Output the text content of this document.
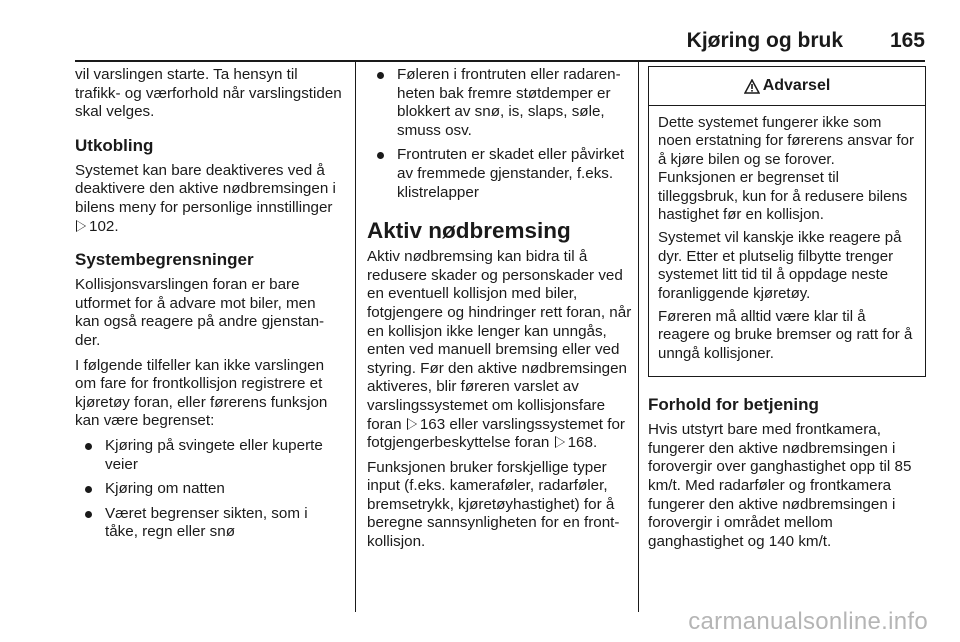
Kjøring og bruk 165

vil varslingen starte. Ta hensyn til trafikk- og værforhold når varslingstiden skal velges.

Utkobling

Systemet kan bare deaktiveres ved å deaktivere den aktive nødbremsingen i bilens meny for personlige innstillinger 102.

Systembegrensninger

Kollisjonsvarslingen foran er bare utformet for å advare mot biler, men kan også reagere på andre gjenstander.

I følgende tilfeller kan ikke varslingen om fare for frontkollisjon registrere et kjøretøy foran, eller førerens funksjon kan være begrenset:

Kjøring på svingete eller kuperte veier
Kjøring om natten
Været begrenser sikten, som i tåke, regn eller snø
Føleren i frontruten eller radarenheten bak fremre støtdemper er blokkert av snø, is, slaps, søle, smuss osv.
Frontruten er skadet eller påvirket av fremmede gjenstander, f.eks. klistrelapper
Aktiv nødbremsing

Aktiv nødbremsing kan bidra til å redusere skader og personskader ved en eventuell kollisjon med biler, fotgjengere og hindringer rett foran, når en kollisjon ikke lenger kan unngås, enten ved manuell bremsing eller ved styring. Før den aktive nødbremsingen aktiveres, blir føreren varslet av varslingssystemet om kollisjonsfare foran 163 eller varslingssystemet for fotgjengerbeskyttelse foran 168.

Funksjonen bruker forskjellige typer input (f.eks. kameraføler, radarføler, bremsetrykk, kjøretøyhastighet) for å beregne sannsynligheten for en frontkollisjon.

Advarsel

Dette systemet fungerer ikke som noen erstatning for førerens ansvar for å kjøre bilen og se forover. Funksjonen er begrenset til tilleggsbruk, kun for å redusere bilens hastighet før en kollisjon.

Systemet vil kanskje ikke reagere på dyr. Etter et plutselig filbytte trenger systemet litt tid til å oppdage neste foranliggende kjøretøy.

Føreren må alltid være klar til å reagere og bruke bremser og ratt for å unngå kollisjoner.

Forhold for betjening

Hvis utstyrt bare med frontkamera, fungerer den aktive nødbremsingen i forovergir over ganghastighet opp til 85 km/t. Med radarføler og frontkamera fungerer den aktive nødbremsingen i forovergir i området mellom ganghastighet og 140 km/t.

carmanualsonline.info
